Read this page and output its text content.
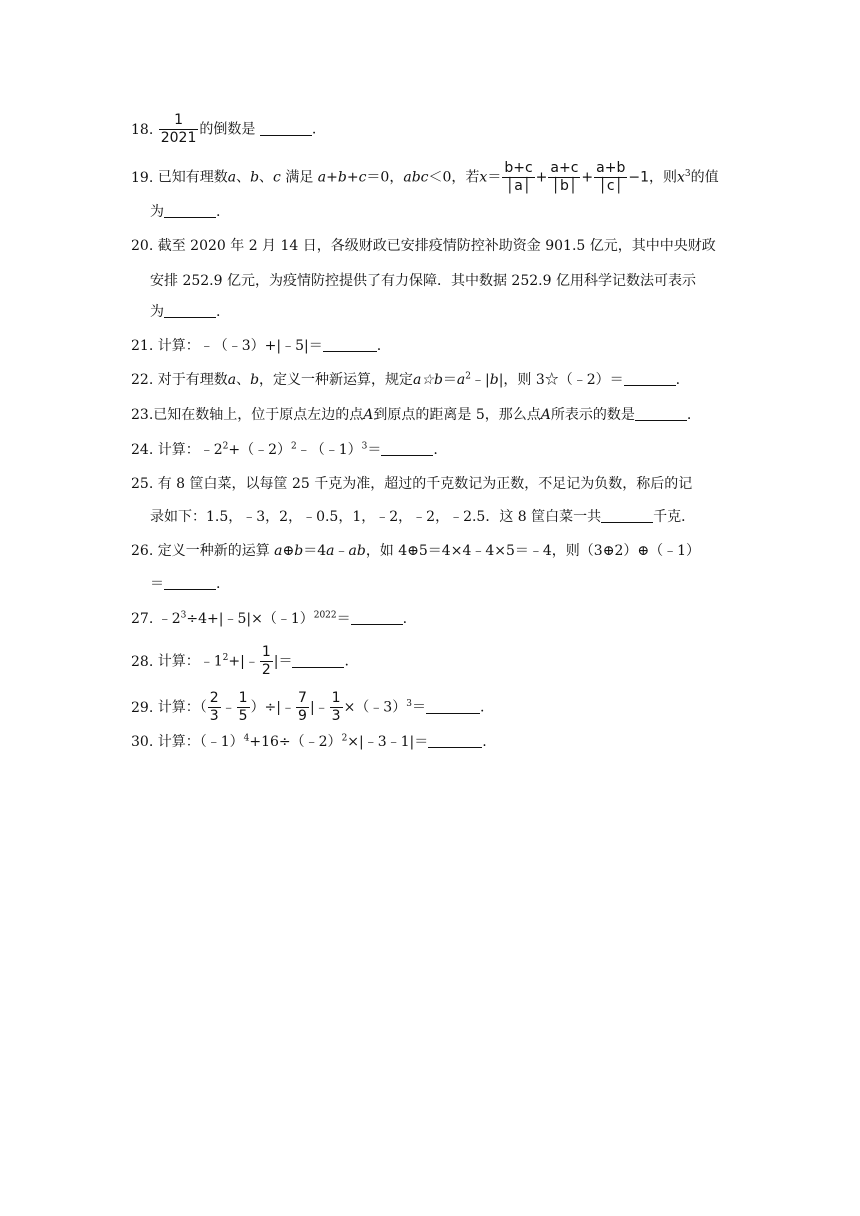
18. $\frac{1}{2021}$ 的倒数是	.
19. 已知有理数a、b、c 满足 a+b+c＝0，abc＜0，若$x= \frac{b+c}{│a│} + \frac{a+c}{│b│} + \frac{a+b}{│c│} -1$，则$x^3$的值
为	.
20. 截至 2020 年 2 月 14 日，各级财政已安排疫情防控补助资金 901.5 亿元，其中中央财政
安排 252.9 亿元，为疫情防控提供了有力保障．其中数据 252.9 亿用科学记数法可表示
为	.
21. 计算：﹣（﹣3）+|﹣5|＝	.
22. 对于有理数a、b，定义一种新运算，规定$a☆b=a^2﹣|b|$，则 3☆（﹣2）＝	.
23.已知在数轴上，位于原点左边的点A到原点的距离是 5，那么点A所表示的数是	.
24. 计算：$﹣2^2+(﹣2)^2﹣(﹣1)^3=$	.
25. 有 8 筐白菜，以每筐 25 千克为准，超过的千克数记为正数，不足记为负数，称后的记
录如下：1.5，﹣3，2，﹣0.5，1，﹣2，﹣2，﹣2.5．这 8 筐白菜一共	千克．
26. 定义一种新的运算 a⊕b＝4a﹣ab，如 4⊕5＝4×4﹣4×5＝﹣4，则（3⊕2）⊕（﹣1）
＝	.
27. $﹣2^3\div 4+|﹣5|\times(﹣1)^{2022}=$	.
28. 计算：$﹣1^2+|﹣ \frac{1}{2}$ |＝	.
29. 计算：（ $\frac{2}{3}$ ﹣ $\frac{1}{5}$ ）÷|﹣ $\frac{7}{9}$ |﹣ $\frac{1}{3}$ ×（﹣3）$^3$＝	.
30. 计算：（﹣1）$^4$+16÷（﹣2）$^2$×|﹣3﹣1|＝	.
